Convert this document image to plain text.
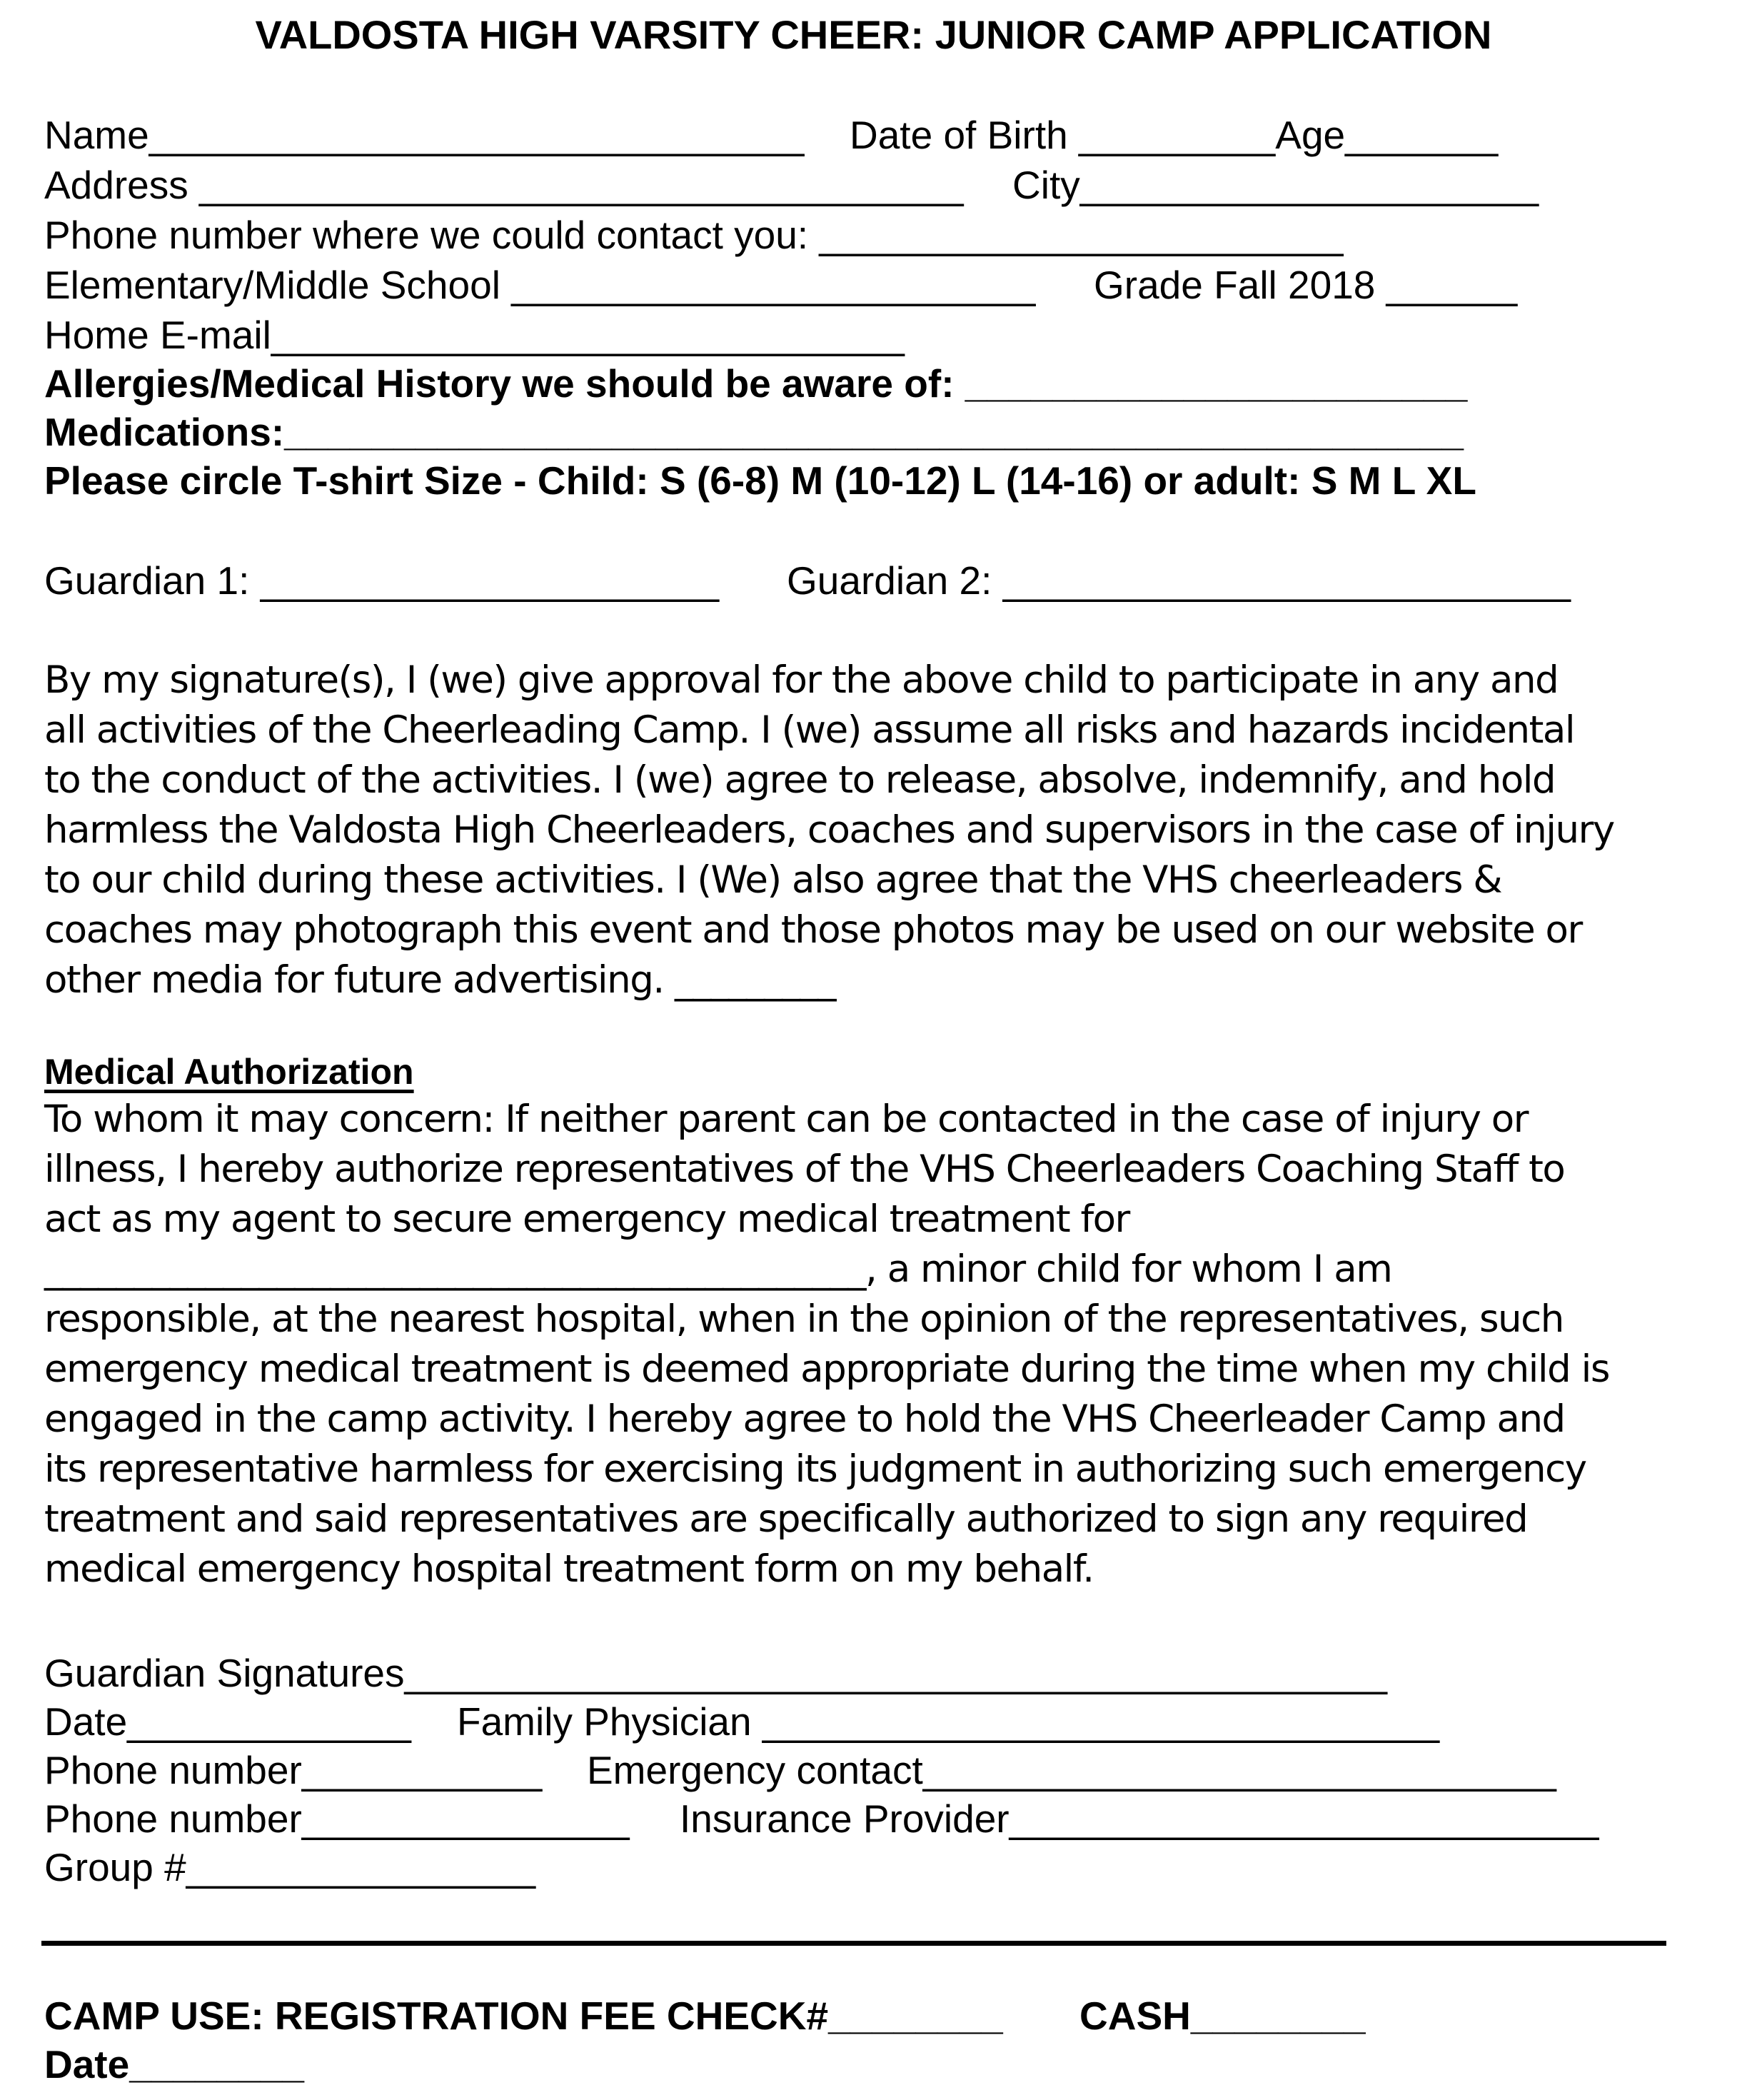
VALDOSTA HIGH VARSITY CHEER: JUNIOR CAMP APPLICATION
Name______________________________ Date of Birth _________Age_______
Address ___________________________________ City_____________________
Phone number where we could contact you: ________________________
Elementary/Middle School ________________________ Grade Fall 2018 ______
Home E-mail_____________________________
Allergies/Medical History we should be aware of: _______________________
Medications:______________________________________________________
Please circle T-shirt Size - Child: S (6-8) M (10-12) L (14-16) or adult: S M L XL
Guardian 1: _____________________ Guardian 2: __________________________
By my signature(s), I (we) give approval for the above child to participate in any and
all activities of the Cheerleading Camp. I (we) assume all risks and hazards incidental
to the conduct of the activities. I (we) agree to release, absolve, indemnify, and hold
harmless the Valdosta High Cheerleaders, coaches and supervisors in the case of injury
to our child during these activities. I (We) also agree that the VHS cheerleaders &
coaches may photograph this event and those photos may be used on our website or
other media for future advertising. _________
Medical Authorization
To whom it may concern: If neither parent can be contacted in the case of injury or
illness, I hereby authorize representatives of the VHS Cheerleaders Coaching Staff to
act as my agent to secure emergency medical treatment for
______________________________________________, a minor child for whom I am
responsible, at the nearest hospital, when in the opinion of the representatives, such
emergency medical treatment is deemed appropriate during the time when my child is
engaged in the camp activity. I hereby agree to hold the VHS Cheerleader Camp and
its representative harmless for exercising its judgment in authorizing such emergency
treatment and said representatives are specifically authorized to sign any required
medical emergency hospital treatment form on my behalf.
Guardian Signatures_____________________________________________
Date_____________ Family Physician _______________________________
Phone number___________ Emergency contact_____________________________
Phone number_______________ Insurance Provider___________________________
Group #________________
CAMP USE: REGISTRATION FEE CHECK#________ CASH________
Date________
